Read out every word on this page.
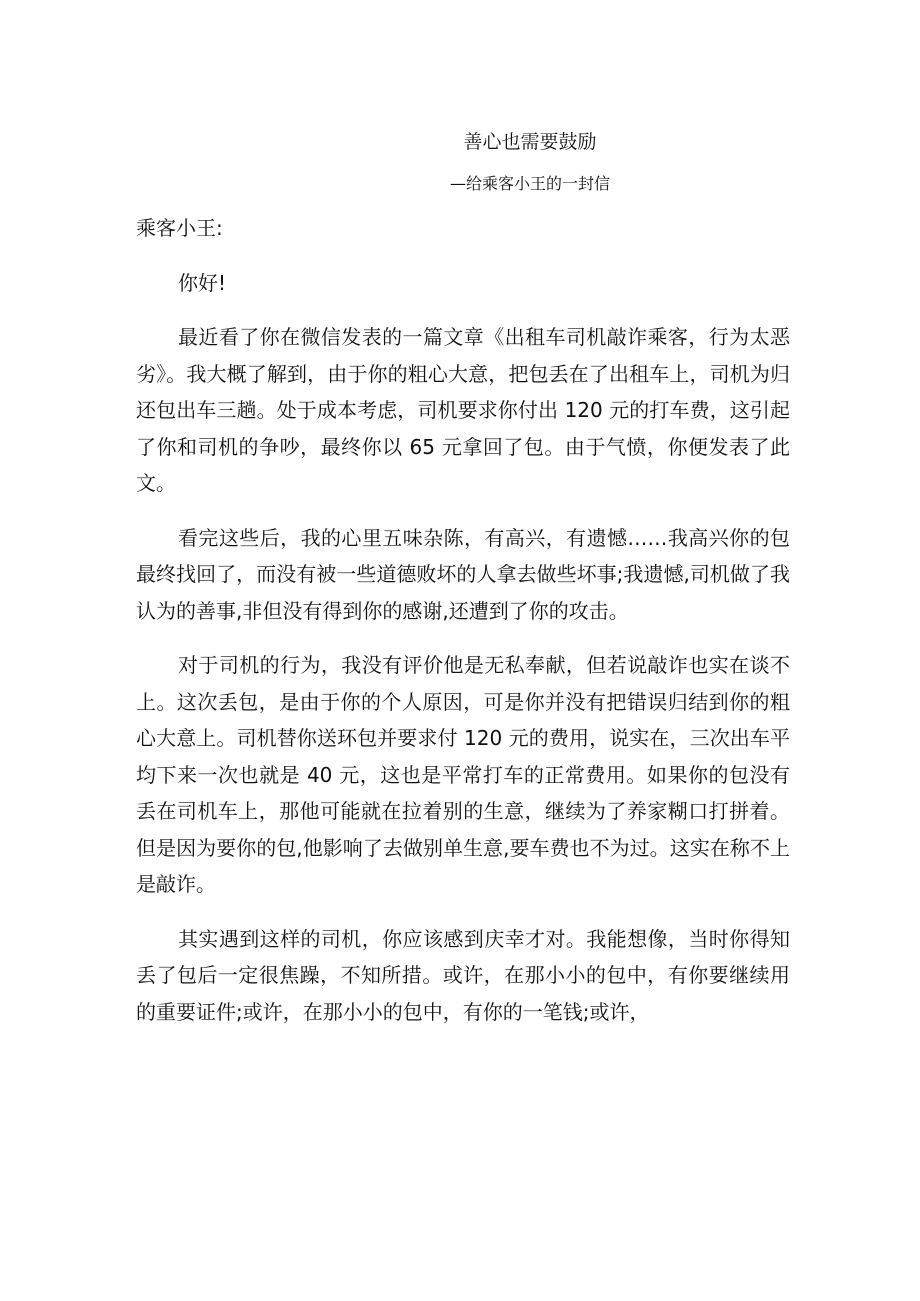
善心也需要鼓励
—给乘客小王的一封信

乘客小王:

你好!

最近看了你在微信发表的一篇文章《出租车司机敲诈乘客，行为太恶劣》。我大概了解到，由于你的粗心大意，把包丢在了出租车上，司机为归还包出车三趟。处于成本考虑，司机要求你付出 120 元的打车费，这引起了你和司机的争吵，最终你以 65 元拿回了包。由于气愤，你便发表了此文。

看完这些后，我的心里五味杂陈，有高兴，有遗憾……我高兴你的包最终找回了，而没有被一些道德败坏的人拿去做些坏事;我遗憾,司机做了我认为的善事,非但没有得到你的感谢,还遭到了你的攻击。

对于司机的行为，我没有评价他是无私奉献，但若说敲诈也实在谈不上。这次丢包，是由于你的个人原因，可是你并没有把错误归结到你的粗心大意上。司机替你送环包并要求付 120 元的费用，说实在，三次出车平均下来一次也就是 40 元，这也是平常打车的正常费用。如果你的包没有丢在司机车上，那他可能就在拉着别的生意，继续为了养家糊口打拼着。但是因为要你的包,他影响了去做别单生意,要车费也不为过。这实在称不上是敲诈。

其实遇到这样的司机，你应该感到庆幸才对。我能想像，当时你得知丢了包后一定很焦躁，不知所措。或许，在那小小的包中，有你要继续用的重要证件;或许，在那小小的包中，有你的一笔钱;或许，
